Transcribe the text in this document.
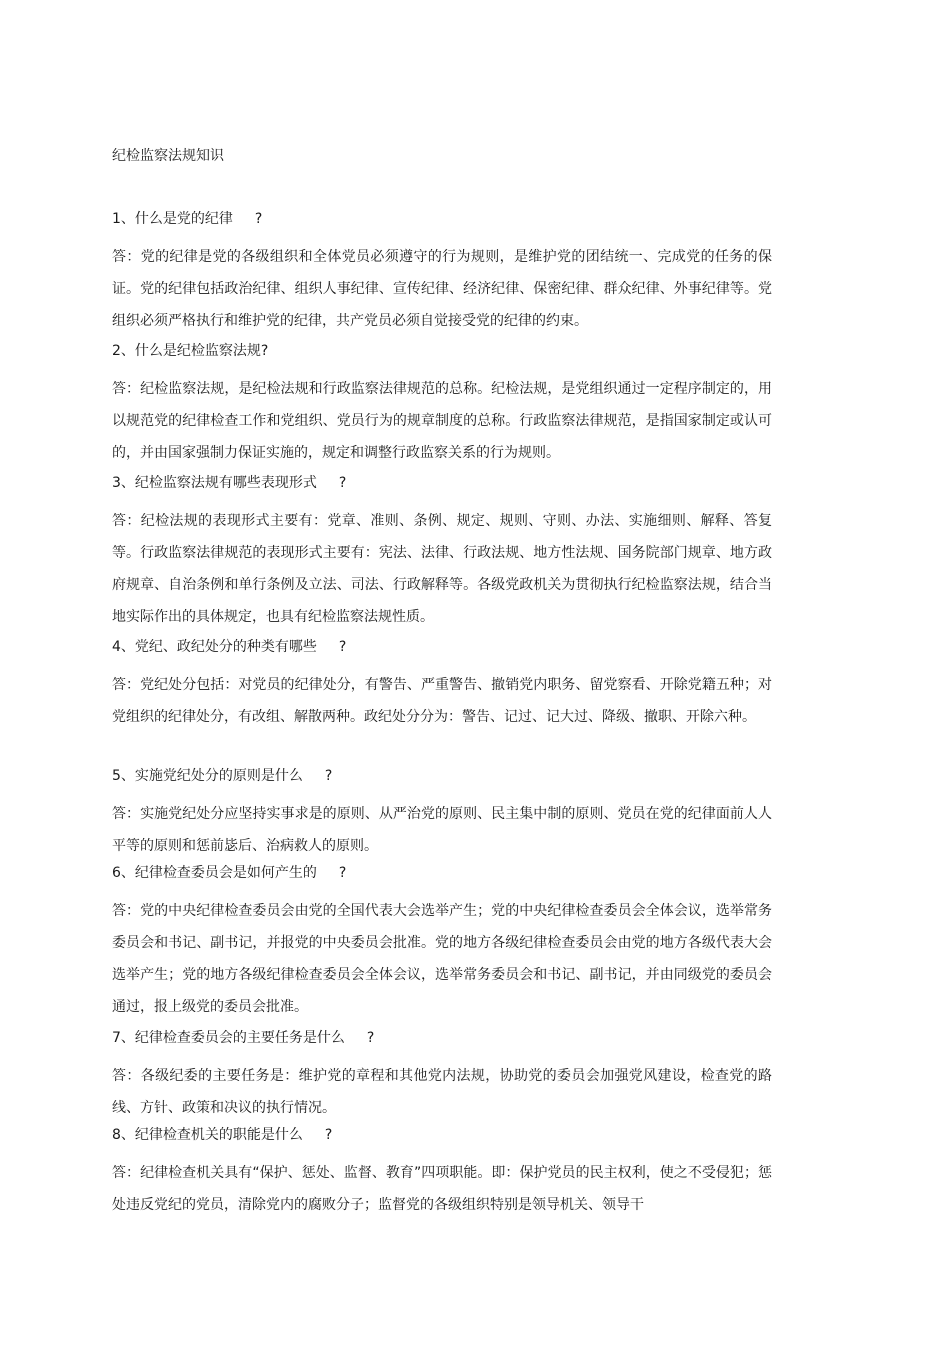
纪检监察法规知识
1、什么是党的纪律 ?
答：党的纪律是党的各级组织和全体党员必须遵守的行为规则，是维护党的团结统一、完成党的任务的保证。党的纪律包括政治纪律、组织人事纪律、宣传纪律、经济纪律、保密纪律、群众纪律、外事纪律等。党组织必须严格执行和维护党的纪律，共产党员必须自觉接受党的纪律的约束。
2、什么是纪检监察法规?
答：纪检监察法规，是纪检法规和行政监察法律规范的总称。纪检法规，是党组织通过一定程序制定的，用以规范党的纪律检查工作和党组织、党员行为的规章制度的总称。行政监察法律规范，是指国家制定或认可的，并由国家强制力保证实施的，规定和调整行政监察关系的行为规则。
3、纪检监察法规有哪些表现形式 ?
答：纪检法规的表现形式主要有：党章、准则、条例、规定、规则、守则、办法、实施细则、解释、答复等。行政监察法律规范的表现形式主要有：宪法、法律、行政法规、地方性法规、国务院部门规章、地方政府规章、自治条例和单行条例及立法、司法、行政解释等。各级党政机关为贯彻执行纪检监察法规，结合当地实际作出的具体规定，也具有纪检监察法规性质。
4、党纪、政纪处分的种类有哪些 ?
答：党纪处分包括：对党员的纪律处分，有警告、严重警告、撤销党内职务、留党察看、开除党籍五种；对党组织的纪律处分，有改组、解散两种。政纪处分分为：警告、记过、记大过、降级、撤职、开除六种。
5、实施党纪处分的原则是什么 ?
答：实施党纪处分应坚持实事求是的原则、从严治党的原则、民主集中制的原则、党员在党的纪律面前人人平等的原则和惩前毖后、治病救人的原则。
6、纪律检查委员会是如何产生的 ?
答：党的中央纪律检查委员会由党的全国代表大会选举产生；党的中央纪律检查委员会全体会议，选举常务委员会和书记、副书记，并报党的中央委员会批准。党的地方各级纪律检查委员会由党的地方各级代表大会选举产生；党的地方各级纪律检查委员会全体会议，选举常务委员会和书记、副书记，并由同级党的委员会通过，报上级党的委员会批准。
7、纪律检查委员会的主要任务是什么 ?
答：各级纪委的主要任务是：维护党的章程和其他党内法规，协助党的委员会加强党风建设，检查党的路线、方针、政策和决议的执行情况。
8、纪律检查机关的职能是什么 ?
答：纪律检查机关具有“保护、惩处、监督、教育”四项职能。即：保护党员的民主权利，使之不受侵犯；惩处违反党纪的党员，清除党内的腐败分子；监督党的各级组织特别是领导机关、领导干
